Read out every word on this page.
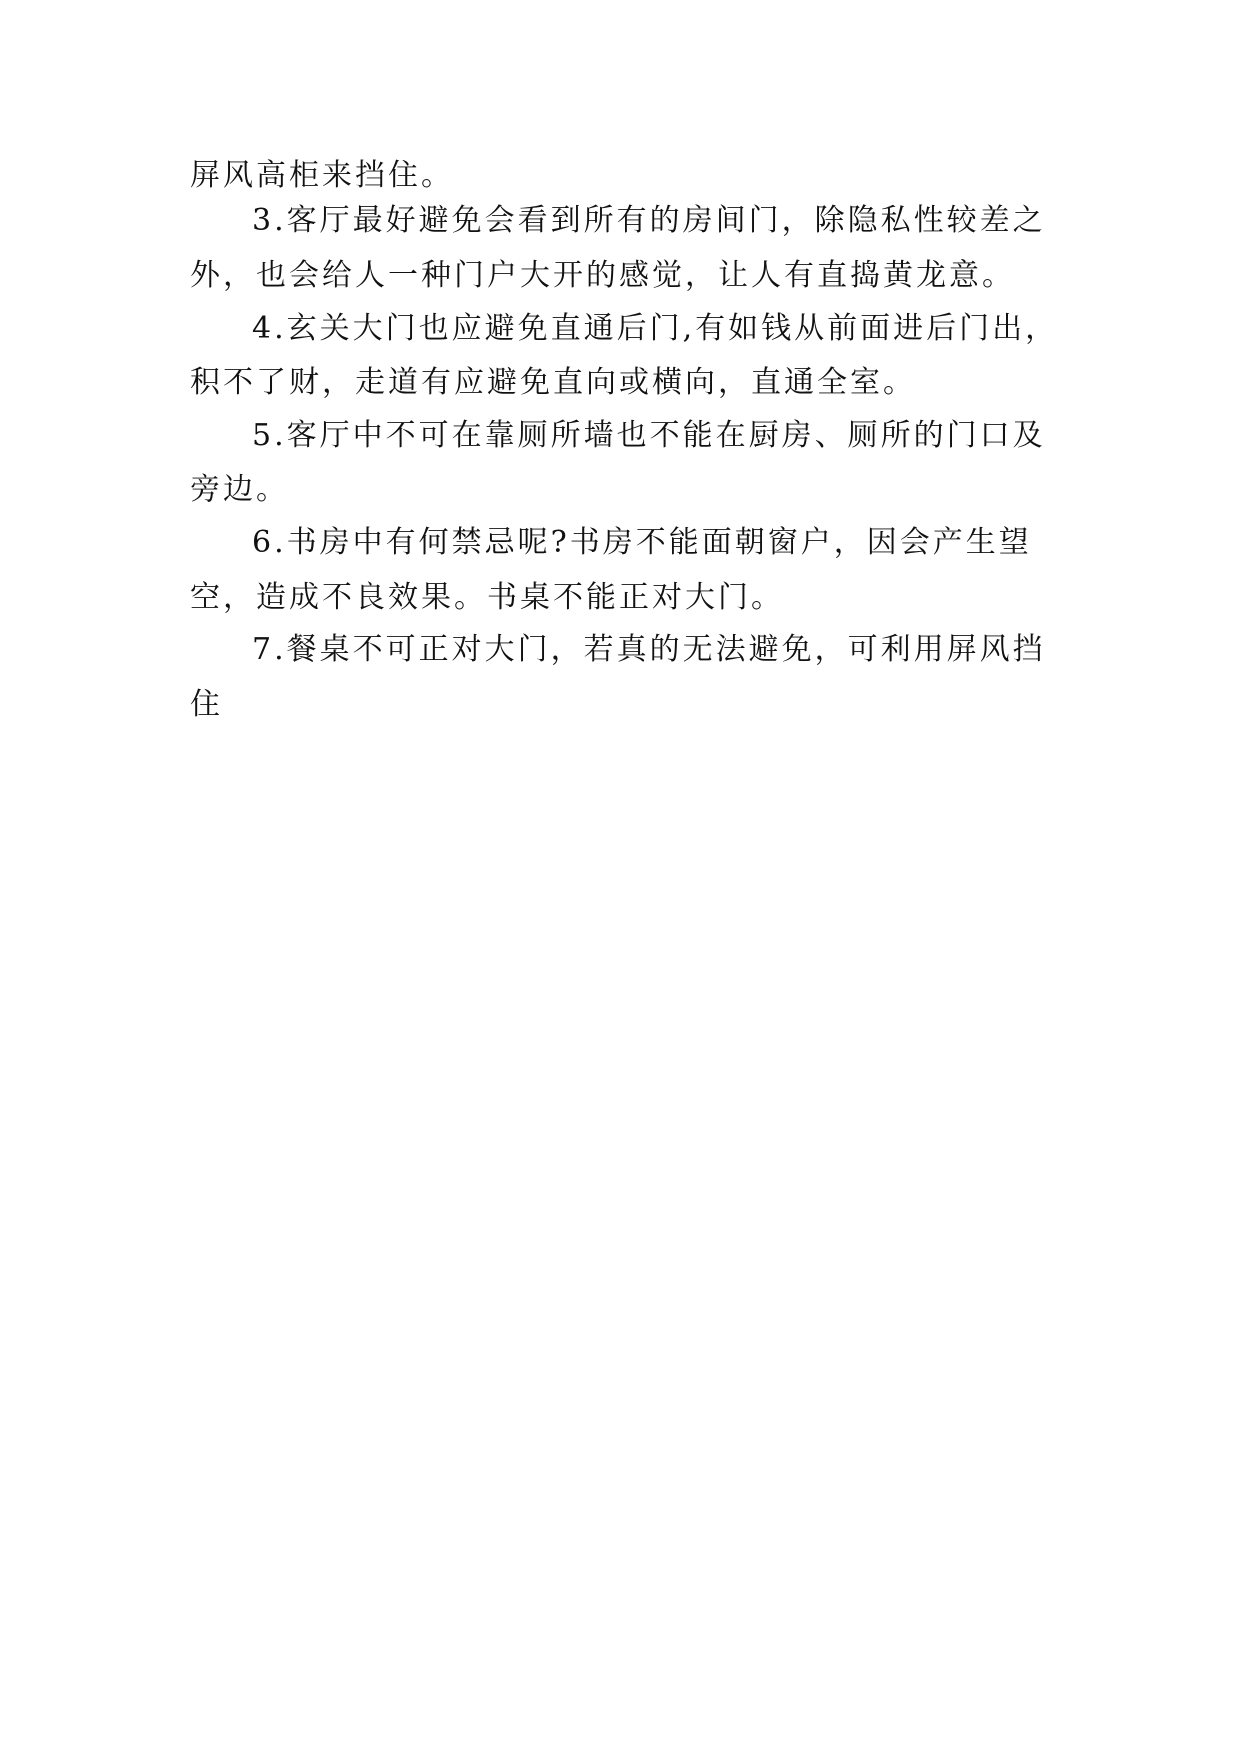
屏风高柜来挡住。
3.客厅最好避免会看到所有的房间门，除隐私性较差之
外，也会给人一种门户大开的感觉，让人有直捣黄龙意。
4.玄关大门也应避免直通后门,有如钱从前面进后门出，
积不了财，走道有应避免直向或横向，直通全室。
5.客厅中不可在靠厕所墙也不能在厨房、厕所的门口及
旁边。
6.书房中有何禁忌呢?书房不能面朝窗户，因会产生望
空，造成不良效果。书桌不能正对大门。
7.餐桌不可正对大门，若真的无法避免，可利用屏风挡
住
